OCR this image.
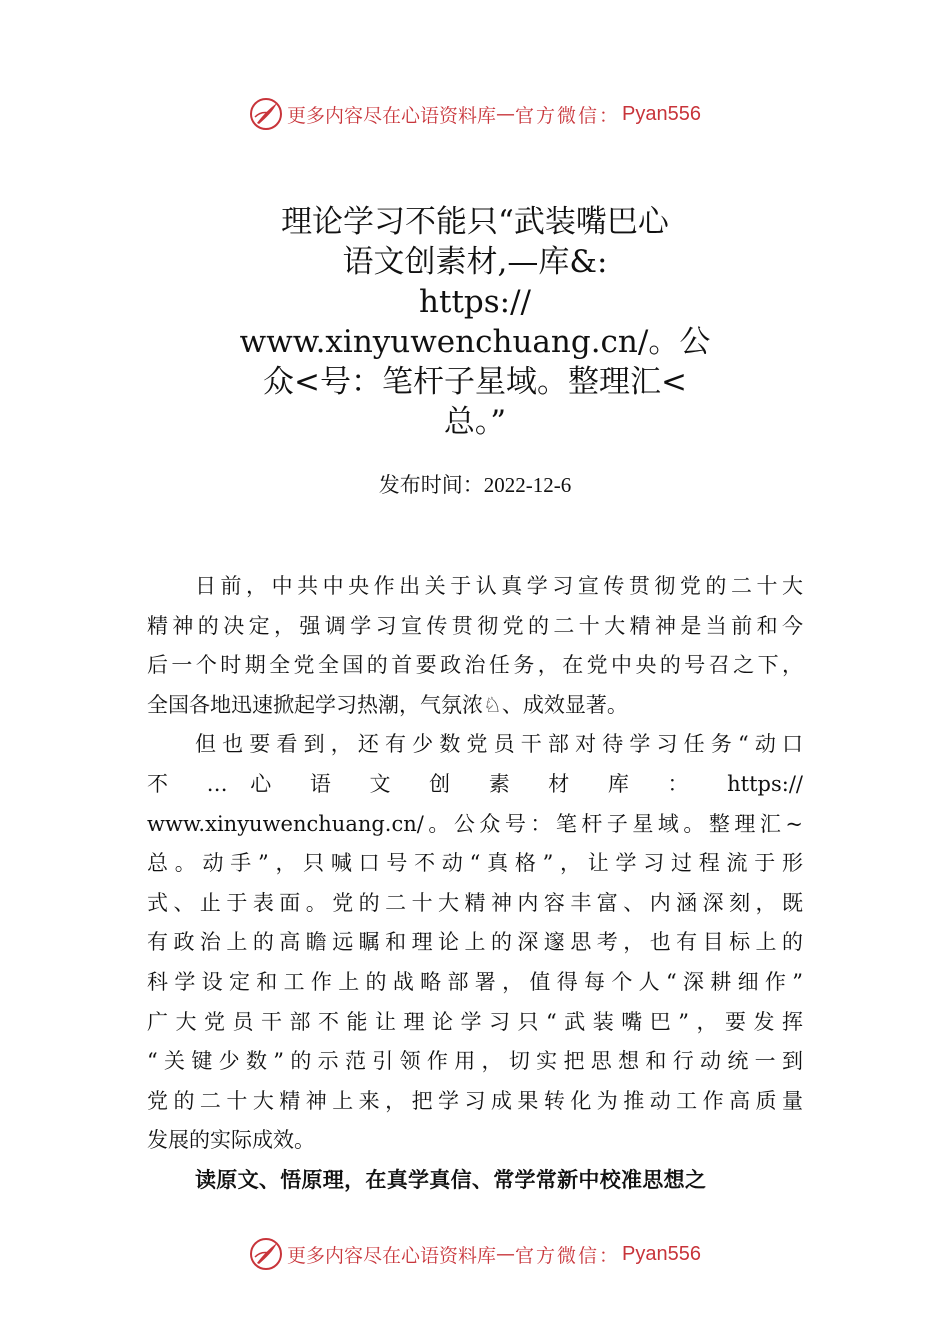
更多内容尽在心语资料库 — 官方微信： Pyan556
理论学习不能只“武装嘴巴心
语文创素材,—库&:
https://
www.xinyuwenchuang.cn/。公
众<号：笔杆子星域。整理汇<
总。”
发布时间：2022-12-6
日前，中共中央作出关于认真学习宣传贯彻党的二十大
精神的决定，强调学习宣传贯彻党的二十大精神是当前和今
后一个时期全党全国的首要政治任务，在党中央的号召之下，
全国各地迅速掀起学习热潮，气氛浓♘、成效显著。
但也要看到，还有少数党员干部对待学习任务“动口
不 … 心 语 文 创 素 材 库 ： https://
www.xinyuwenchuang.cn/。公众号：笔杆子星域。整理汇~
总。动手”，只喊口号不动“真格”，让学习过程流于形
式、止于表面。党的二十大精神内容丰富、内涵深刻，既
有政治上的高瞻远瞩和理论上的深邃思考，也有目标上的
科学设定和工作上的战略部署，值得每个人“深耕细作”
广大党员干部不能让理论学习只“武装嘴巴”，要发挥
“关键少数”的示范引领作用，切实把思想和行动统一到
党的二十大精神上来，把学习成果转化为推动工作高质量
发展的实际成效。
读原文、悟原理，在真学真信、常学常新中校准思想之
更多内容尽在心语资料库 — 官方微信： Pyan556
